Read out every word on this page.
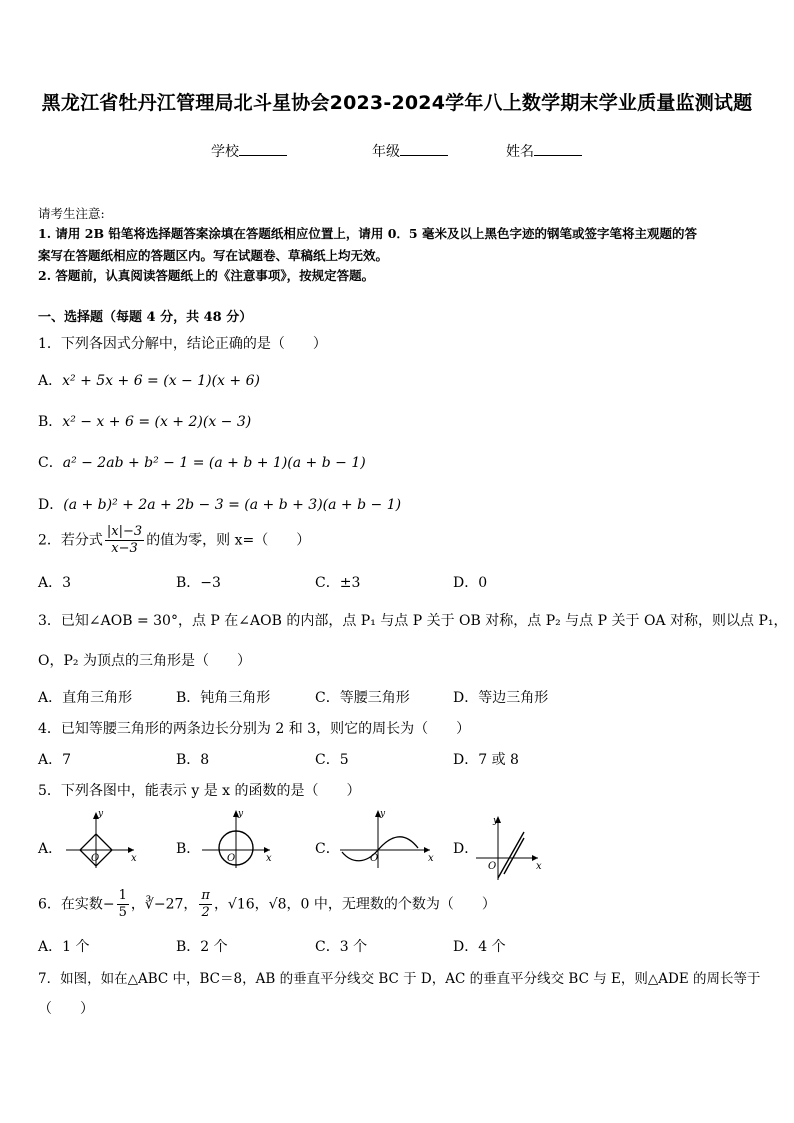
黑龙江省牡丹江管理局北斗星协会2023-2024学年八上数学期末学业质量监测试题
学校	年级	姓名
请考生注意:
1. 请用 2B 铅笔将选择题答案涂填在答题纸相应位置上，请用 0．5 毫米及以上黑色字迹的钢笔或签字笔将主观题的答
案写在答题纸相应的答题区内。写在试题卷、草稿纸上均无效。
2. 答题前，认真阅读答题纸上的《注意事项》，按规定答题。
一、选择题（每题 4 分，共 48 分）
1．下列各因式分解中，结论正确的是（　　）
A．x² + 5x + 6 = (x − 1)(x + 6)
B．x² − x + 6 = (x + 2)(x − 3)
C．a² − 2ab + b² − 1 = (a + b + 1)(a + b − 1)
D．(a + b)² + 2a + 2b − 3 = (a + b + 3)(a + b − 1)
2．若分式 $\frac{|x|-3}{x-3}$ 的值为零，则 x=（　　）
A．3	B．−3	C．±3	D．0
3．已知∠AOB = 30°，点 P 在∠AOB 的内部，点 P₁ 与点 P 关于 OB 对称，点 P₂ 与点 P 关于 OA 对称，则以点 P₁，
O，P₂ 为顶点的三角形是（　　）
A．直角三角形	B．钝角三角形	C．等腰三角形	D．等边三角形
4．已知等腰三角形的两条边长分别为 2 和 3，则它的周长为（　　）
A．7	B．8	C．5	D．7 或 8
5．下列各图中，能表示 y 是 x 的函数的是（　　）
A．	B．	C．	D．
y
x
O
y
x
O
y
x
O
y
x
O
6．在实数− $\frac{1}{5}$ ，∛−27， $\frac{\pi}{2}$ ，√16，√8，0 中，无理数的个数为（　　）
A．1 个	B．2 个	C．3 个	D．4 个
7．如图，如在△ABC 中，BC＝8，AB 的垂直平分线交 BC 于 D，AC 的垂直平分线交 BC 与 E，则△ADE 的周长等于
（　　）
